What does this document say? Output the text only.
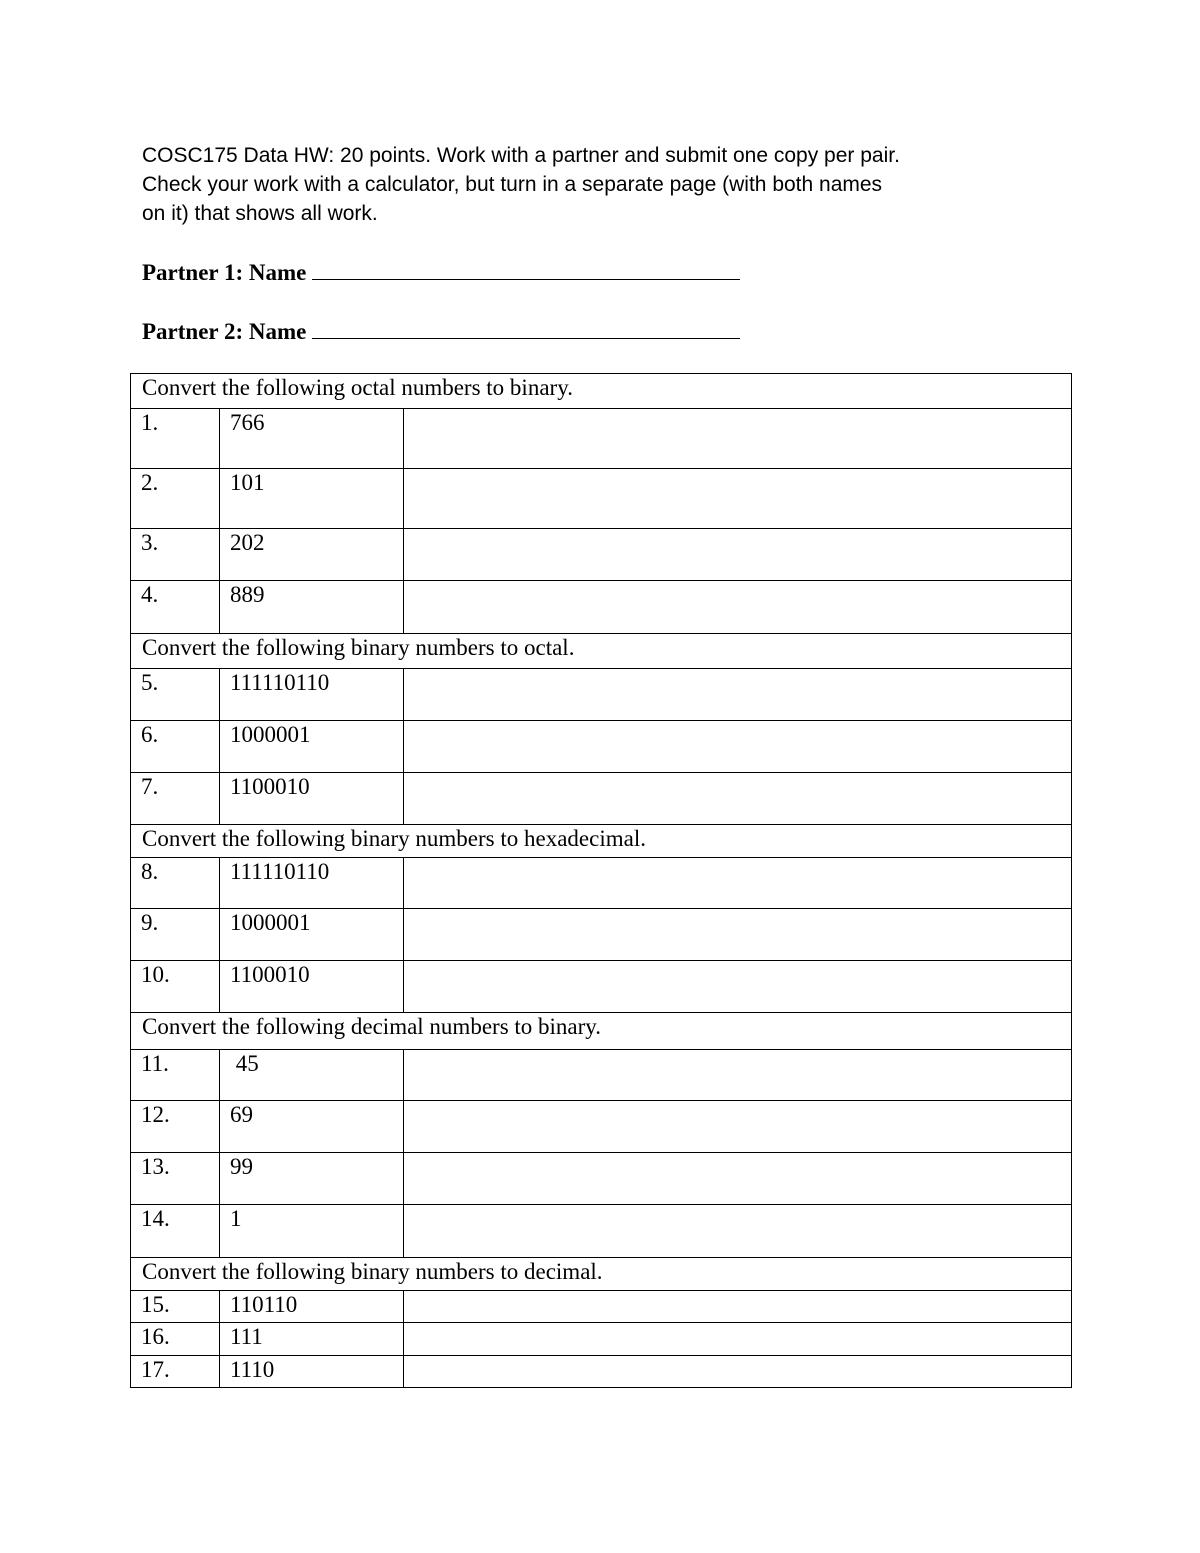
COSC175 Data HW: 20 points. Work with a partner and submit one copy per pair.
Check your work with a calculator, but turn in a separate page (with both names
on it) that shows all work.
Partner 1: Name
Partner 2: Name
Convert the following octal numbers to binary.		
1.	766	
2.	101	
3.	202	
4.	889	
Convert the following binary numbers to octal.		
5.	111110110	
6.	1000001	
7.	1100010	
Convert the following binary numbers to hexadecimal.		
8.	111110110	
9.	1000001	
10.	1100010	
Convert the following decimal numbers to binary.		
11.	45	
12.	69	
13.	99	
14.	1	
Convert the following binary numbers to decimal.		
15.	110110	
16.	111	
17.	1110	
